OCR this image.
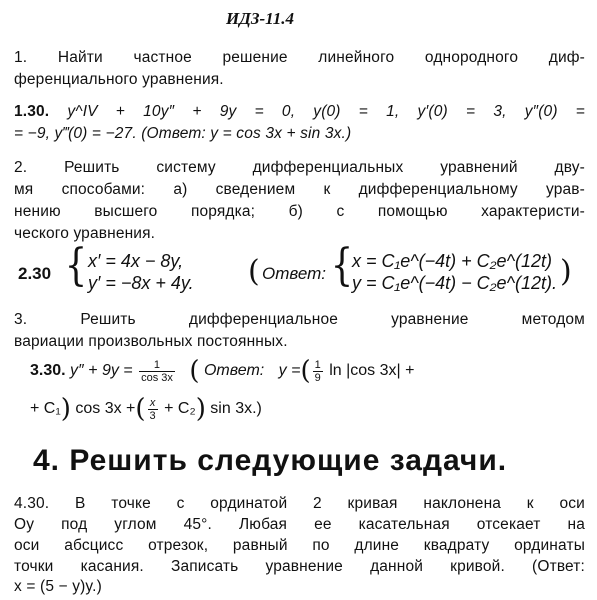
ИДЗ-11.4
1. Найти частное решение линейного однородного диф-
ференциального уравнения.
1.30. y^IV + 10y″ + 9y = 0, y(0) = 1, y′(0) = 3, y″(0) =
= −9, y‴(0) = −27. (Ответ: y = cos 3x + sin 3x.)
2. Решить систему дифференциальных уравнений дву-
мя способами: а) сведением к дифференциальному урав-
нению высшего порядка; б) с помощью характеристи-
ческого уравнения.
2.30 { x′ = 4x − 8y,
y′ = −8x + 4y. ( Ответ: {
x = C₁e^(−4t) + C₂e^(12t)
y = C₁e^(−4t) − C₂e^(12t). )
3. Решить дифференциальное уравнение методом
вариации произвольных постоянных.
3.30. $y'' + 9y = \frac{1}{\cos 3x}$ ( Ответ: y =( $\frac{1}{9}$ ln |cos 3x| +
+ C₁) cos 3x +( $\frac{x}{3} + C_2$) sin 3x.)
4. Решить следующие задачи.
4.30. В точке с ординатой 2 кривая наклонена к оси
Oy под углом 45°. Любая ее касательная отсекает на
оси абсцисс отрезок, равный по длине квадрату ординаты
точки касания. Записать уравнение данной кривой. (Ответ:
x = (5 − y)y.)
